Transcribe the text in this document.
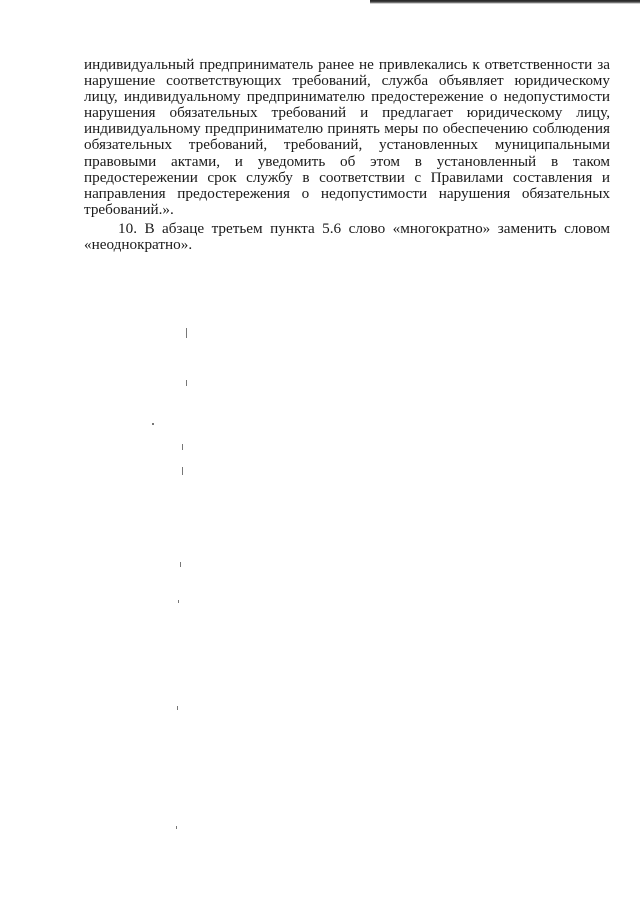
индивидуальный предприниматель ранее не привлекались к ответственности за нарушение соответствующих требований, служба объявляет юридическому лицу, индивидуальному предпринимателю предостережение о недопустимости нарушения обязательных требований и предлагает юридическому лицу, индивидуальному предпринимателю принять меры по обеспечению соблюдения обязательных требований, требований, установленных муниципальными правовыми актами, и уведомить об этом в установленный в таком предостережении срок службу в соответствии с Правилами составления и направления предостережения о недопустимости нарушения обязательных требований.».

10. В абзаце третьем пункта 5.6 слово «многократно» заменить словом «неоднократно».
